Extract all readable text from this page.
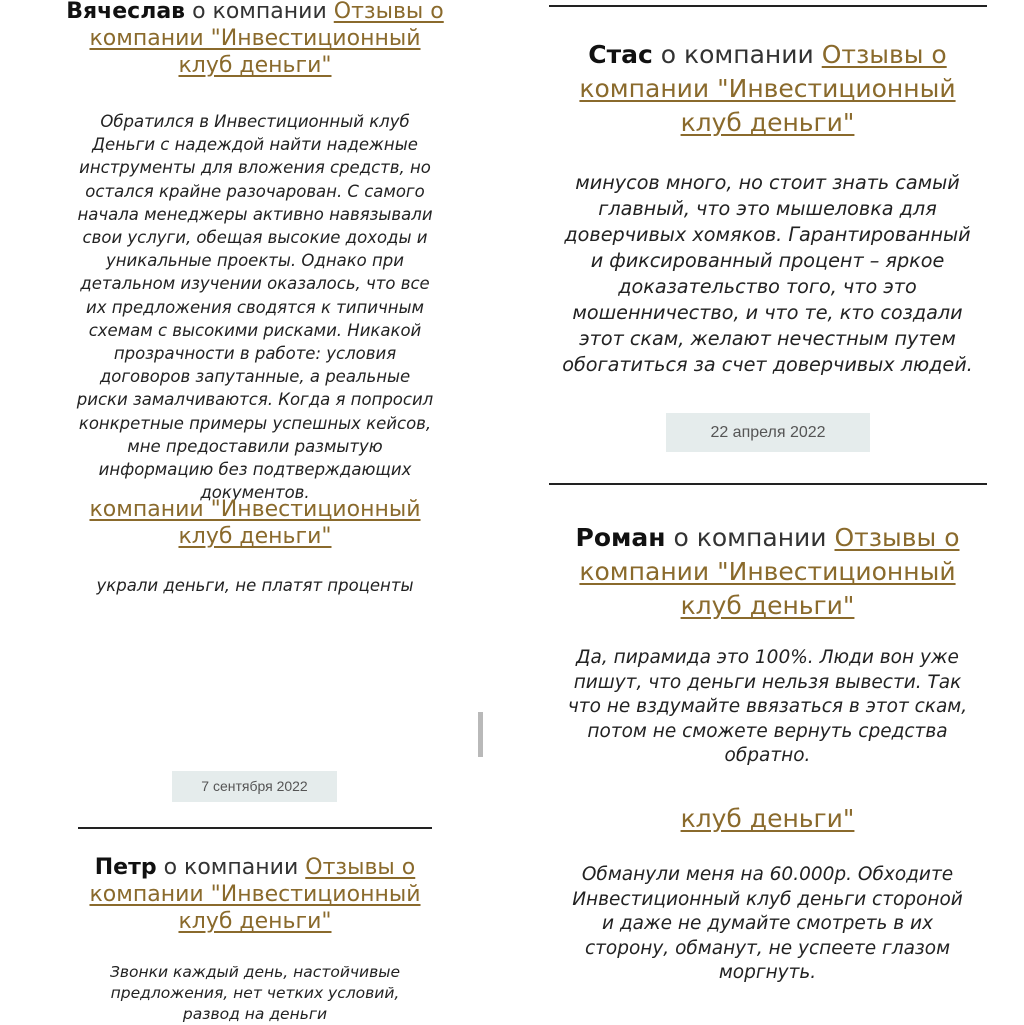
Вячеслав о компании Отзывы о
компании "Инвестиционный
клуб деньги"
Обратился в Инвестиционный клуб
Деньги с надеждой найти надежные
инструменты для вложения средств, но
остался крайне разочарован. С самого
начала менеджеры активно навязывали
свои услуги, обещая высокие доходы и
уникальные проекты. Однако при
детальном изучении оказалось, что все
их предложения сводятся к типичным
схемам с высокими рисками. Никакой
прозрачности в работе: условия
договоров запутанные, а реальные
риски замалчиваются. Когда я попросил
конкретные примеры успешных кейсов,
мне предоставили размытую
информацию без подтверждающих
документов.
компании "Инвестиционный
клуб деньги"
украли деньги, не платят проценты
7 сентября 2022
Петр о компании Отзывы о
компании "Инвестиционный
клуб деньги"
Звонки каждый день, настойчивые
предложения, нет четких условий,
развод на деньги
Стас о компании Отзывы о
компании "Инвестиционный
клуб деньги"
минусов много, но стоит знать самый
главный, что это мышеловка для
доверчивых хомяков. Гарантированный
и фиксированный процент – яркое
доказательство того, что это
мошенничество, и что те, кто создали
этот скам, желают нечестным путем
обогатиться за счет доверчивых людей.
22 апреля 2022
Роман о компании Отзывы о
компании "Инвестиционный
клуб деньги"
Да, пирамида это 100%. Люди вон уже
пишут, что деньги нельзя вывести. Так
что не вздумайте ввязаться в этот скам,
потом не сможете вернуть средства
обратно.
клуб деньги"
Обманули меня на 60.000р. Обходите
Инвестиционный клуб деньги стороной
и даже не думайте смотреть в их
сторону, обманут, не успеете глазом
моргнуть.
